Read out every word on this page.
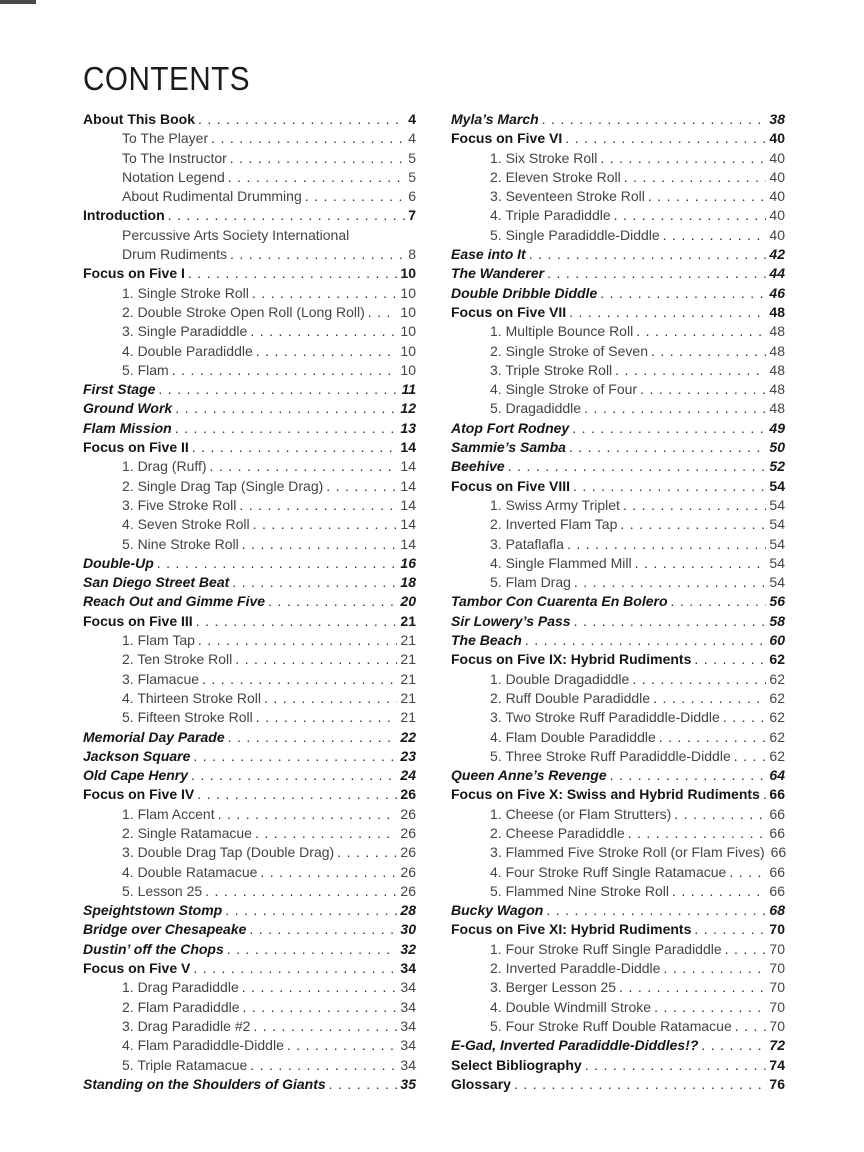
CONTENTS
About This Book . . .	4
To The Player . . .	4
To The Instructor . . .	5
Notation Legend . . .	5
About Rudimental Drumming . . .	6
Introduction . . .	7
Percussive Arts Society International
Drum Rudiments . . .	8
Focus on Five I . . .	10
1. Single Stroke Roll . . .	10
2. Double Stroke Open Roll (Long Roll) . . .	10
3. Single Paradiddle . . .	10
4. Double Paradiddle . . .	10
5. Flam . . .	10
First Stage . . .	11
Ground Work . . .	12
Flam Mission . . .	13
Focus on Five II . . .	14
1. Drag (Ruff) . . .	14
2. Single Drag Tap (Single Drag) . . .	14
3. Five Stroke Roll . . .	14
4. Seven Stroke Roll . . .	14
5. Nine Stroke Roll . . .	14
Double-Up . . .	16
San Diego Street Beat . . .	18
Reach Out and Gimme Five . . .	20
Focus on Five III . . .	21
1. Flam Tap . . .	21
2. Ten Stroke Roll . . .	21
3. Flamacue . . .	21
4. Thirteen Stroke Roll . . .	21
5. Fifteen Stroke Roll . . .	21
Memorial Day Parade . . .	22
Jackson Square . . .	23
Old Cape Henry . . .	24
Focus on Five IV . . .	26
1. Flam Accent . . .	26
2. Single Ratamacue . . .	26
3. Double Drag Tap (Double Drag) . . .	26
4. Double Ratamacue . . .	26
5. Lesson 25 . . .	26
Speightstown Stomp . . .	28
Bridge over Chesapeake . . .	30
Dustin’ off the Chops . . .	32
Focus on Five V . . .	34
1. Drag Paradiddle . . .	34
2. Flam Paradiddle . . .	34
3. Drag Paradidle #2 . . .	34
4. Flam Paradiddle-Diddle . . .	34
5. Triple Ratamacue . . .	34
Standing on the Shoulders of Giants . . .	35
Myla’s March . . .	38
Focus on Five VI . . .	40
1. Six Stroke Roll . . .	40
2. Eleven Stroke Roll . . .	40
3. Seventeen Stroke Roll . . .	40
4. Triple Paradiddle . . .	40
5. Single Paradiddle-Diddle . . .	40
Ease into It . . .	42
The Wanderer . . .	44
Double Dribble Diddle . . .	46
Focus on Five VII . . .	48
1. Multiple Bounce Roll . . .	48
2. Single Stroke of Seven . . .	48
3. Triple Stroke Roll . . .	48
4. Single Stroke of Four . . .	48
5. Dragadiddle . . .	48
Atop Fort Rodney . . .	49
Sammie’s Samba . . .	50
Beehive . . .	52
Focus on Five VIII . . .	54
1. Swiss Army Triplet . . .	54
2. Inverted Flam Tap . . .	54
3. Pataflafla . . .	54
4. Single Flammed Mill . . .	54
5. Flam Drag . . .	54
Tambor Con Cuarenta En Bolero . . .	56
Sir Lowery’s Pass . . .	58
The Beach . . .	60
Focus on Five IX: Hybrid Rudiments . . .	62
1. Double Dragadiddle . . .	62
2. Ruff Double Paradiddle . . .	62
3. Two Stroke Ruff Paradiddle-Diddle . . .	62
4. Flam Double Paradiddle . . .	62
5. Three Stroke Ruff Paradiddle-Diddle . . .	62
Queen Anne’s Revenge . . .	64
Focus on Five X: Swiss and Hybrid Rudiments . . . 66
1. Cheese (or Flam Strutters) . . .	66
2. Cheese Paradiddle . . .	66
3. Flammed Five Stroke Roll (or Flam Fives) 66
4. Four Stroke Ruff Single Ratamacue . . .	66
5. Flammed Nine Stroke Roll . . .	66
Bucky Wagon . . .	68
Focus on Five XI: Hybrid Rudiments . . .	70
1. Four Stroke Ruff Single Paradiddle . . .	70
2. Inverted Paraddle-Diddle . . .	70
3. Berger Lesson 25 . . .	70
4. Double Windmill Stroke . . .	70
5. Four Stroke Ruff Double Ratamacue . . .	70
E-Gad, Inverted Paradiddle-Diddles!? . . .	72
Select Bibliography . . .	74
Glossary . . .	76
